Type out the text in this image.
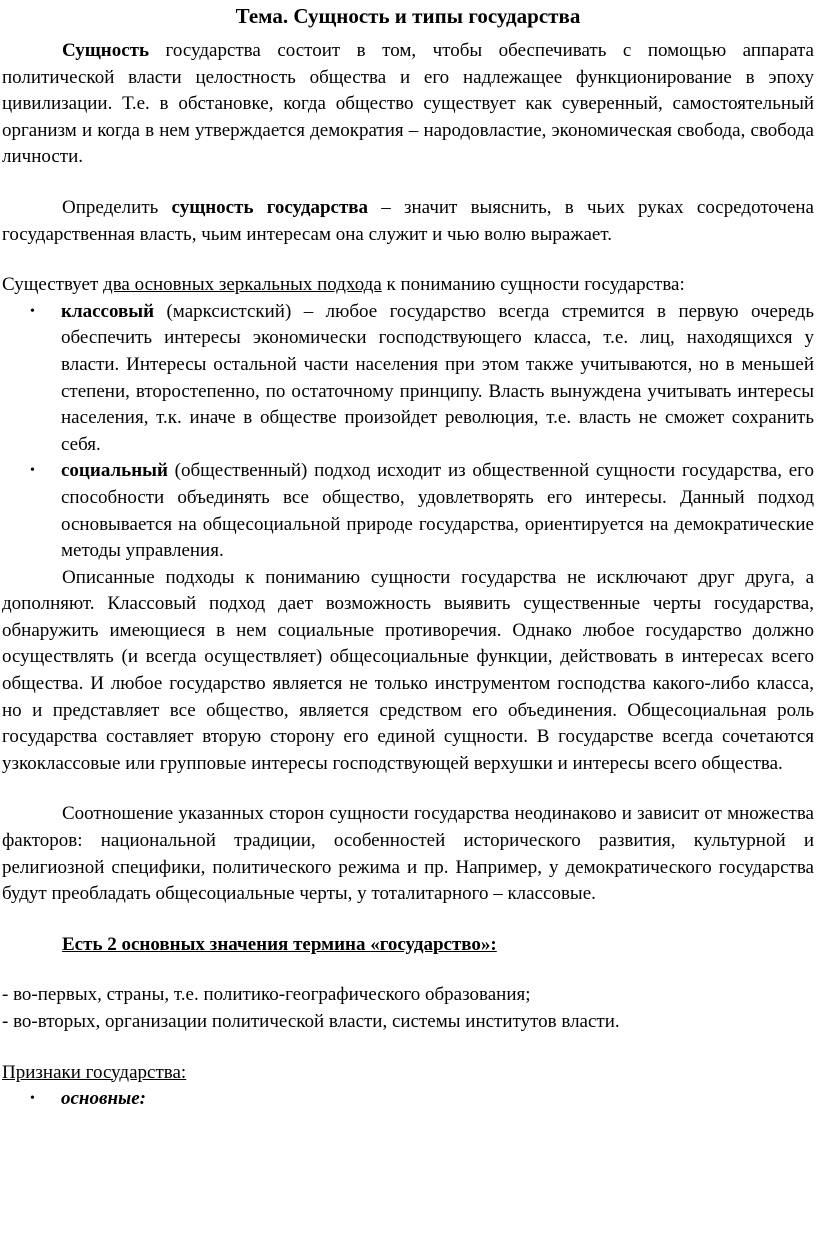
Тема. Сущность и типы государства

Сущность государства состоит в том, чтобы обеспечивать с помощью аппарата политической власти целостность общества и его надлежащее функционирование в эпоху цивилизации. Т.е. в обстановке, когда общество существует как суверенный, самостоятельный организм и когда в нем утверждается демократия – народовластие, экономическая свобода, свобода личности.

Определить сущность государства – значит выяснить, в чьих руках сосредоточена государственная власть, чьим интересам она служит и чью волю выражает.

Существует два основных зеркальных подхода к пониманию сущности государства:

• классовый (марксистский) – любое государство всегда стремится в первую очередь обеспечить интересы экономически господствующего класса, т.е. лиц, находящихся у власти. Интересы остальной части населения при этом также учитываются, но в меньшей степени, второстепенно, по остаточному принципу. Власть вынуждена учитывать интересы населения, т.к. иначе в обществе произойдет революция, т.е. власть не сможет сохранить себя.
• социальный (общественный) подход исходит из общественной сущности государства, его способности объединять все общество, удовлетворять его интересы. Данный подход основывается на общесоциальной природе государства, ориентируется на демократические методы управления.

Описанные подходы к пониманию сущности государства не исключают друг друга, а дополняют. Классовый подход дает возможность выявить существенные черты государства, обнаружить имеющиеся в нем социальные противоречия. Однако любое государство должно осуществлять (и всегда осуществляет) общесоциальные функции, действовать в интересах всего общества. И любое государство является не только инструментом господства какого-либо класса, но и представляет все общество, является средством его объединения. Общесоциальная роль государства составляет вторую сторону его единой сущности. В государстве всегда сочетаются узкоклассовые или групповые интересы господствующей верхушки и интересы всего общества.

Соотношение указанных сторон сущности государства неодинаково и зависит от множества факторов: национальной традиции, особенностей исторического развития, культурной и религиозной специфики, политического режима и пр. Например, у демократического государства будут преобладать общесоциальные черты, у тоталитарного – классовые.

Есть 2 основных значения термина «государство»:

- во-первых, страны, т.е. политико-географического образования;

- во-вторых, организации политической власти, системы институтов власти.

Признаки государства:

• основные:
